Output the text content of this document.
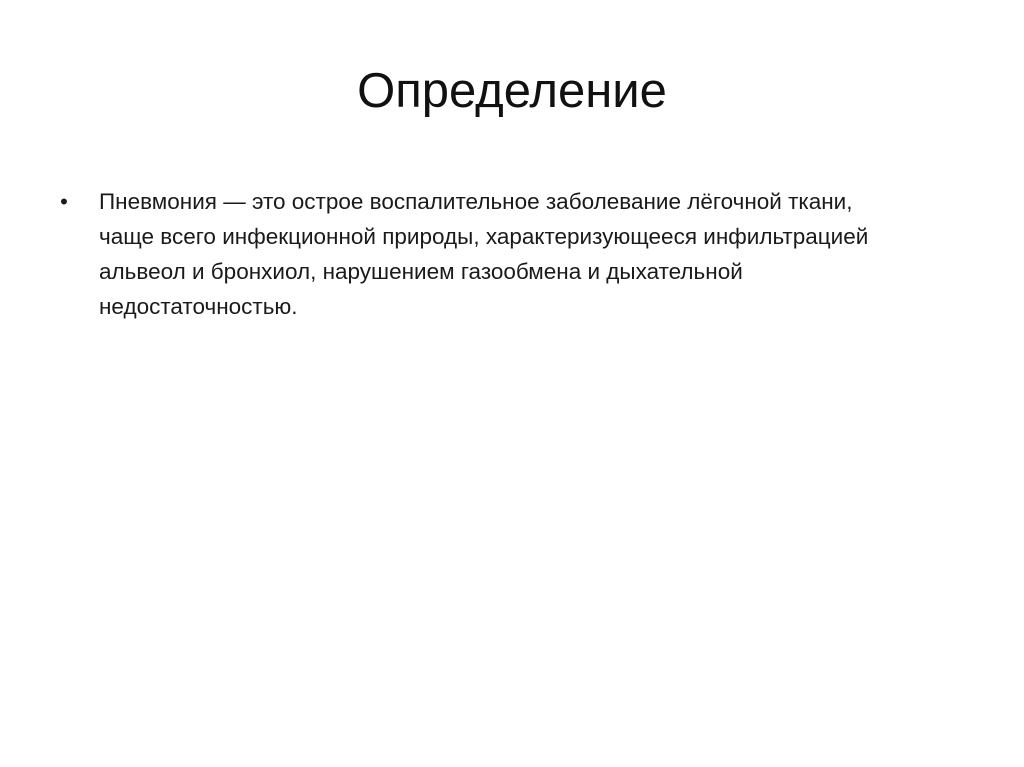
Определение
• Пневмония — это острое воспалительное заболевание лёгочной ткани, чаще всего инфекционной природы, характеризующееся инфильтрацией альвеол и бронхиол, нарушением газообмена и дыхательной недостаточностью.
